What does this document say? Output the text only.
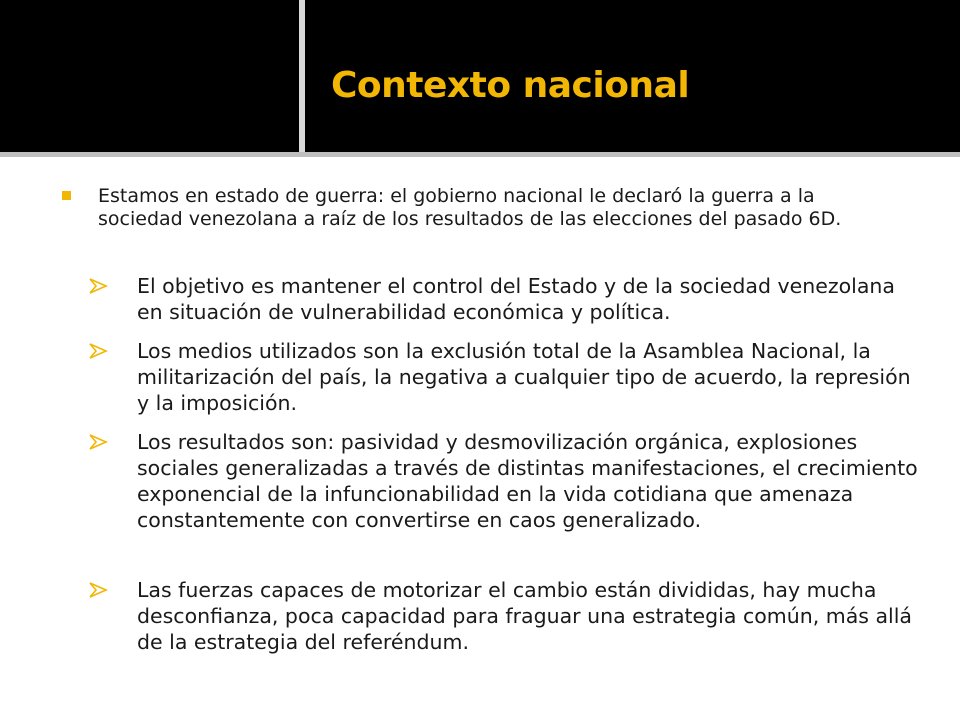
Contexto nacional
Estamos en estado de guerra: el gobierno nacional le declaró la guerra a la sociedad venezolana a raíz de los resultados de las elecciones del pasado 6D.
El objetivo es mantener el control del Estado y de la sociedad venezolana en situación de vulnerabilidad económica y política.
Los medios utilizados son la exclusión total de la Asamblea Nacional, la militarización del país, la negativa a cualquier tipo de acuerdo, la represión y la imposición.
Los resultados son: pasividad y desmovilización orgánica, explosiones sociales generalizadas a través de distintas manifestaciones, el crecimiento exponencial de la infuncionabilidad en la vida cotidiana que amenaza constantemente con convertirse en caos generalizado.
Las fuerzas capaces de motorizar el cambio están divididas, hay mucha desconfianza, poca capacidad para fraguar una estrategia común, más allá de la estrategia del referéndum.
